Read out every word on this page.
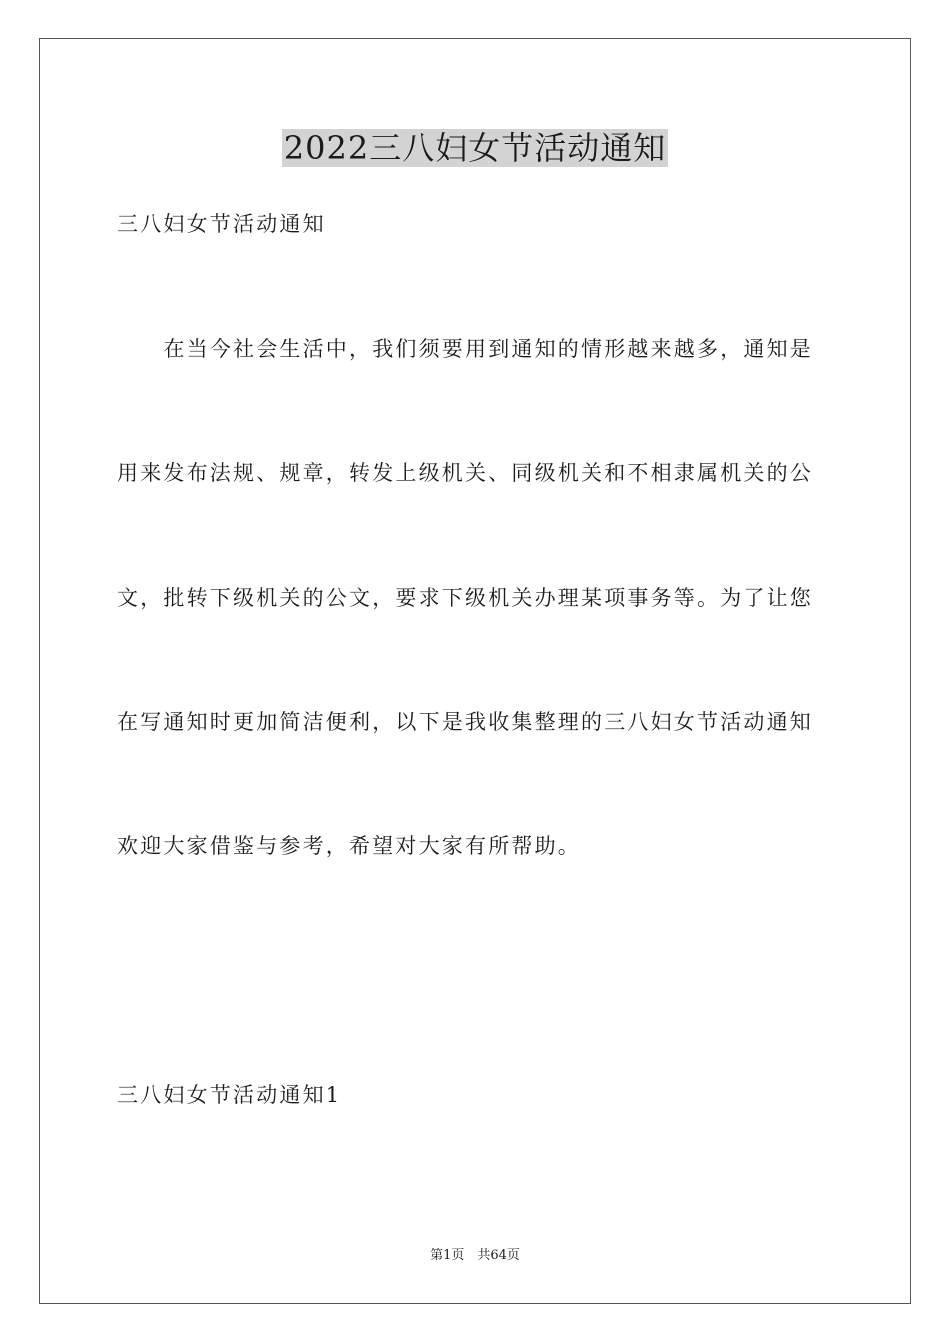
2022三八妇女节活动通知

三八妇女节活动通知

　　在当今社会生活中，我们须要用到通知的情形越来越多，通知是

用来发布法规、规章，转发上级机关、同级机关和不相隶属机关的公

文，批转下级机关的公文，要求下级机关办理某项事务等。为了让您

在写通知时更加简洁便利，以下是我收集整理的三八妇女节活动通知

欢迎大家借鉴与参考，希望对大家有所帮助。

三八妇女节活动通知1

第1页　共64页
